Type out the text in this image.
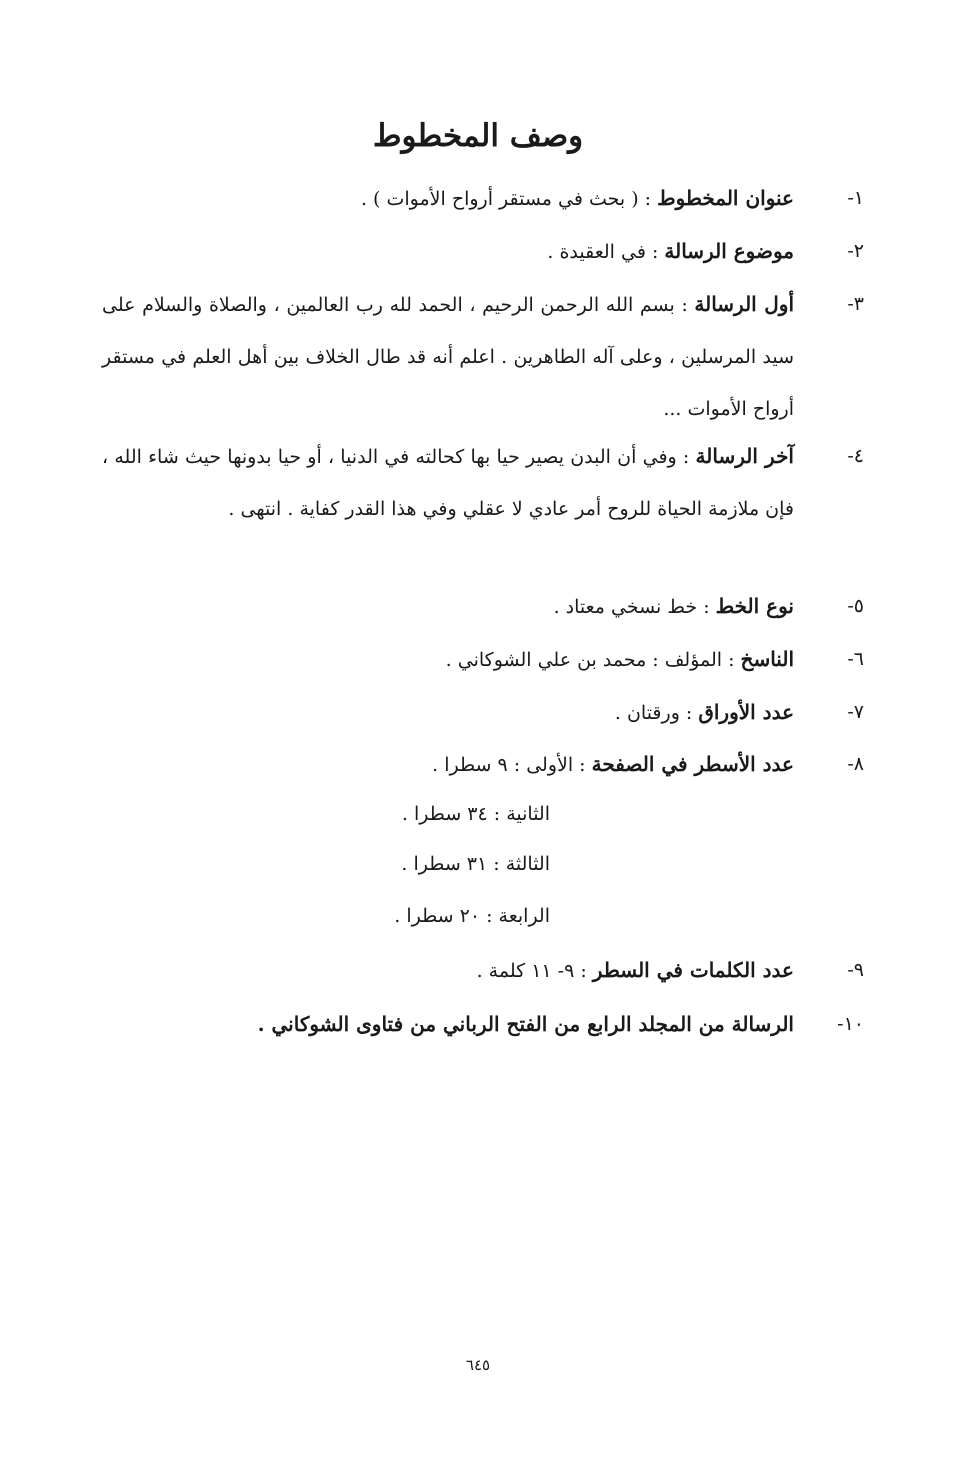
وصف المخطوط
١-
عنوان المخطوط : ( بحث في مستقر أرواح الأموات ) .
٢-
موضوع الرسالة : في العقيدة .
٣-
أول الرسالة : بسم الله الرحمن الرحيم ، الحمد لله رب العالمين ، والصلاة والسلام على سيد المرسلين ، وعلى آله الطاهرين . اعلم أنه قد طال الخلاف بين أهل العلم في مستقر أرواح الأموات ...
٤-
آخر الرسالة : وفي أن البدن يصير حيا بها كحالته في الدنيا ، أو حيا بدونها حيث شاء الله ، فإن ملازمة الحياة للروح أمر عادي لا عقلي وفي هذا القدر كفاية . انتهى .
٥-
نوع الخط : خط نسخي معتاد .
٦-
الناسخ : المؤلف : محمد بن علي الشوكاني .
٧-
عدد الأوراق : ورقتان .
٨-
عدد الأسطر في الصفحة : الأولى : ٩ سطرا .
الثانية : ٣٤ سطرا .
الثالثة : ٣١ سطرا .
الرابعة : ٢٠ سطرا .
٩-
عدد الكلمات في السطر : ٩- ١١ كلمة .
١٠-
الرسالة من المجلد الرابع من الفتح الرباني من فتاوى الشوكاني .
٦٤٥
